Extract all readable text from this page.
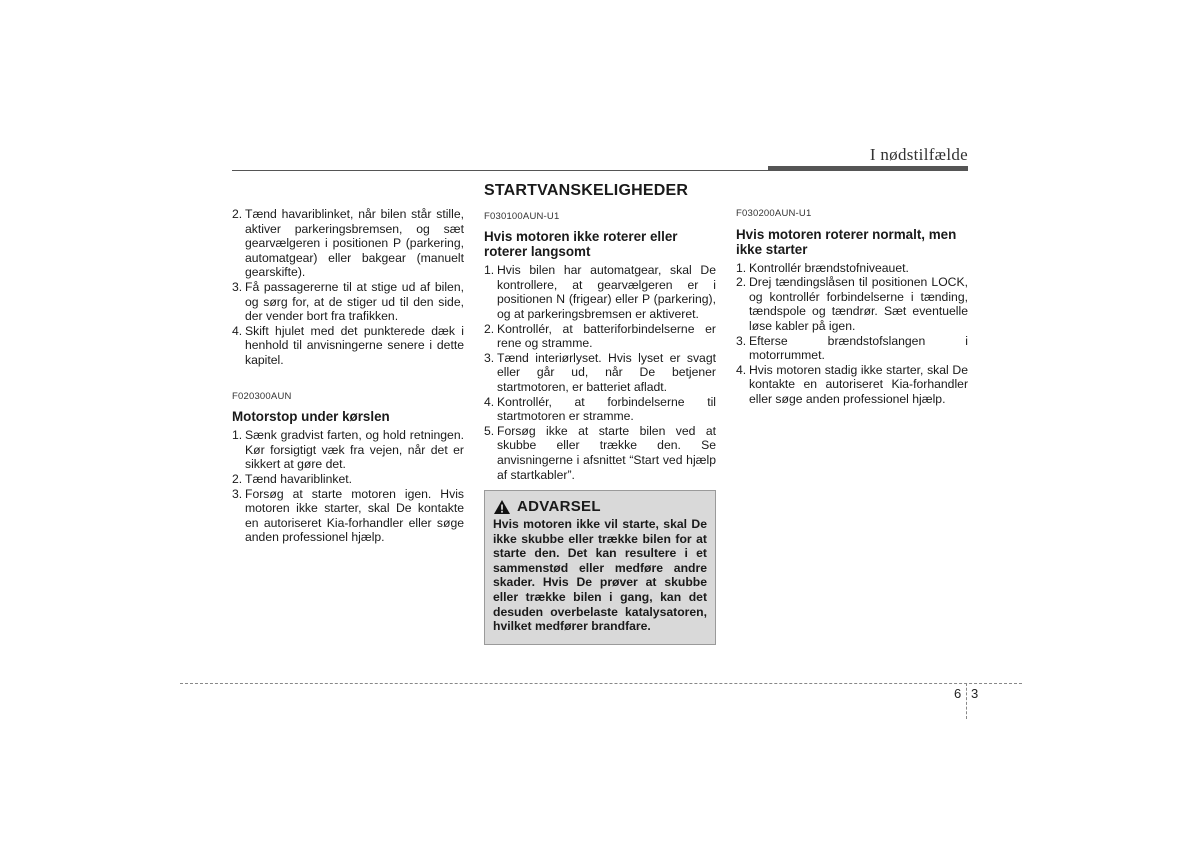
I nødstilfælde
2. Tænd havariblinket, når bilen står stille, aktiver parkeringsbremsen, og sæt gearvælgeren i positionen P (parkering, automatgear) eller bakgear (manuelt gearskifte).
3. Få passagererne til at stige ud af bilen, og sørg for, at de stiger ud til den side, der vender bort fra trafikken.
4. Skift hjulet med det punkterede dæk i henhold til anvisningerne senere i dette kapitel.
F020300AUN
Motorstop under kørslen
1. Sænk gradvist farten, og hold retningen. Kør forsigtigt væk fra vejen, når det er sikkert at gøre det.
2. Tænd havariblinket.
3. Forsøg at starte motoren igen. Hvis motoren ikke starter, skal De kontakte en autoriseret Kia-forhandler eller søge anden professionel hjælp.
STARTVANSKELIGHEDER
F030100AUN-U1
Hvis motoren ikke roterer eller roterer langsomt
1. Hvis bilen har automatgear, skal De kontrollere, at gearvælgeren er i positionen N (frigear) eller P (parkering), og at parkeringsbremsen er aktiveret.
2. Kontrollér, at batteriforbindelserne er rene og stramme.
3. Tænd interiørlyset. Hvis lyset er svagt eller går ud, når De betjener startmotoren, er batteriet afladt.
4. Kontrollér, at forbindelserne til startmotoren er stramme.
5. Forsøg ikke at starte bilen ved at skubbe eller trække den. Se anvisningerne i afsnittet “Start ved hjælp af startkabler”.
ADVARSEL
Hvis motoren ikke vil starte, skal De ikke skubbe eller trække bilen for at starte den. Det kan resultere i et sammenstød eller medføre andre skader. Hvis De prøver at skubbe eller trække bilen i gang, kan det desuden overbelaste katalysatoren, hvilket medfører brandfare.
F030200AUN-U1
Hvis motoren roterer normalt, men ikke starter
1. Kontrollér brændstofniveauet.
2. Drej tændingslåsen til positionen LOCK, og kontrollér forbindelserne i tænding, tændspole og tændrør. Sæt eventuelle løse kabler på igen.
3. Efterse brændstofslangen i motorrummet.
4. Hvis motoren stadig ikke starter, skal De kontakte en autoriseret Kia-forhandler eller søge anden professionel hjælp.
6 3
